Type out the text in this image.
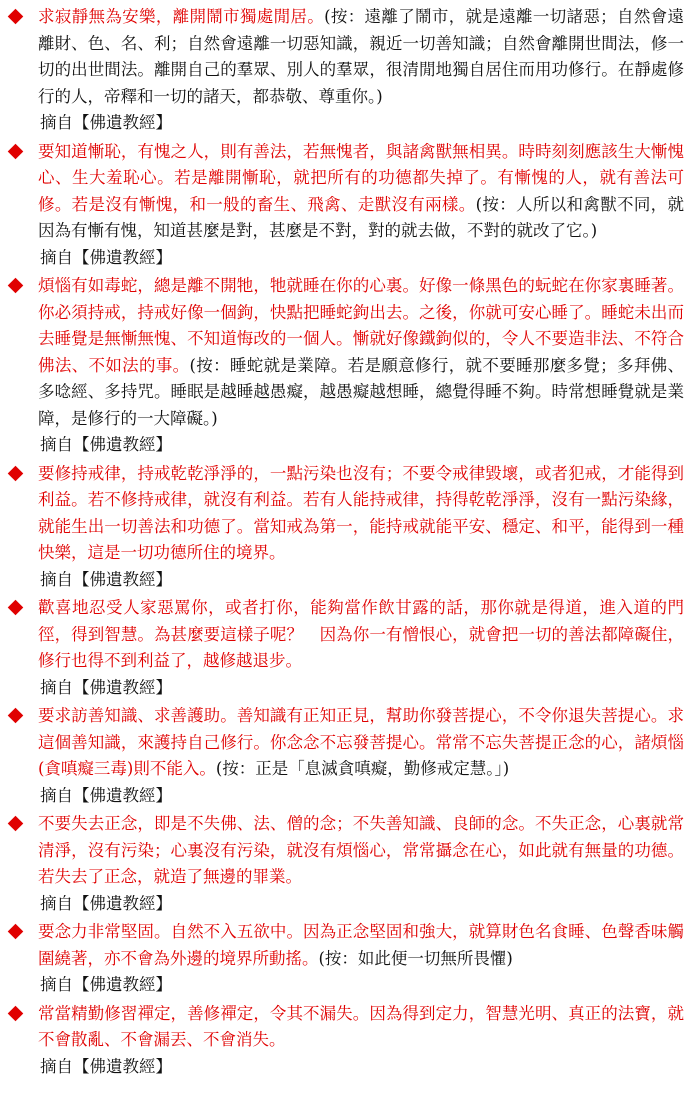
求寂靜無為安樂，離開鬧市獨處閒居。(按：遠離了鬧市，就是遠離一切諸惡；自然會遠離財、色、名、利；自然會遠離一切惡知識，親近一切善知識；自然會離開世間法，修一切的出世間法。離開自己的羣眾、別人的羣眾，很清閒地獨自居住而用功修行。在靜處修行的人，帝釋和一切的諸天，都恭敬、尊重你。)
摘自【佛遺教經】
要知道慚恥，有愧之人，則有善法，若無愧者，與諸禽獸無相異。時時刻刻應該生大慚愧心、生大羞恥心。若是離開慚恥，就把所有的功德都失掉了。有慚愧的人，就有善法可修。若是沒有慚愧，和一般的畜生、飛禽、走獸沒有兩樣。(按：人所以和禽獸不同，就因為有慚有愧，知道甚麼是對，甚麼是不對，對的就去做，不對的就改了它。)
摘自【佛遺教經】
煩惱有如毒蛇，總是離不開牠，牠就睡在你的心裏。好像一條黑色的蚖蛇在你家裏睡著。你必須持戒，持戒好像一個鉤，快點把睡蛇鉤出去。之後，你就可安心睡了。睡蛇未出而去睡覺是無慚無愧、不知道悔改的一個人。慚就好像鐵鉤似的，令人不要造非法、不符合佛法、不如法的事。(按：睡蛇就是業障。若是願意修行，就不要睡那麼多覺；多拜佛、多唸經、多持咒。睡眠是越睡越愚癡，越愚癡越想睡，總覺得睡不夠。時常想睡覺就是業障，是修行的一大障礙。)
摘自【佛遺教經】
要修持戒律，持戒乾乾淨淨的，一點污染也沒有；不要令戒律毀壞，或者犯戒，才能得到利益。若不修持戒律，就沒有利益。若有人能持戒律，持得乾乾淨淨，沒有一點污染緣，就能生出一切善法和功德了。當知戒為第一，能持戒就能平安、穩定、和平，能得到一種快樂，這是一切功德所住的境界。
摘自【佛遺教經】
歡喜地忍受人家惡罵你，或者打你，能夠當作飲甘露的話，那你就是得道，進入道的門徑，得到智慧。為甚麼要這樣子呢？　因為你一有憎恨心，就會把一切的善法都障礙住，修行也得不到利益了，越修越退步。
摘自【佛遺教經】
要求訪善知識、求善護助。善知識有正知正見，幫助你發菩提心，不令你退失菩提心。求這個善知識，來護持自己修行。你念念不忘發菩提心。常常不忘失菩提正念的心，諸煩惱(貪嗔癡三毒)則不能入。(按：正是「息滅貪嗔癡，勤修戒定慧。」)
摘自【佛遺教經】
不要失去正念，即是不失佛、法、僧的念；不失善知識、良師的念。不失正念，心裏就常清淨，沒有污染；心裏沒有污染，就沒有煩惱心，常常攝念在心，如此就有無量的功德。若失去了正念，就造了無邊的罪業。
摘自【佛遺教經】
要念力非常堅固。自然不入五欲中。因為正念堅固和強大，就算財色名食睡、色聲香味觸圍繞著，亦不會為外邊的境界所動搖。(按：如此便一切無所畏懼)
摘自【佛遺教經】
常當精勤修習禪定，善修禪定，令其不漏失。因為得到定力，智慧光明、真正的法寶，就不會散亂、不會漏丟、不會消失。
摘自【佛遺教經】
